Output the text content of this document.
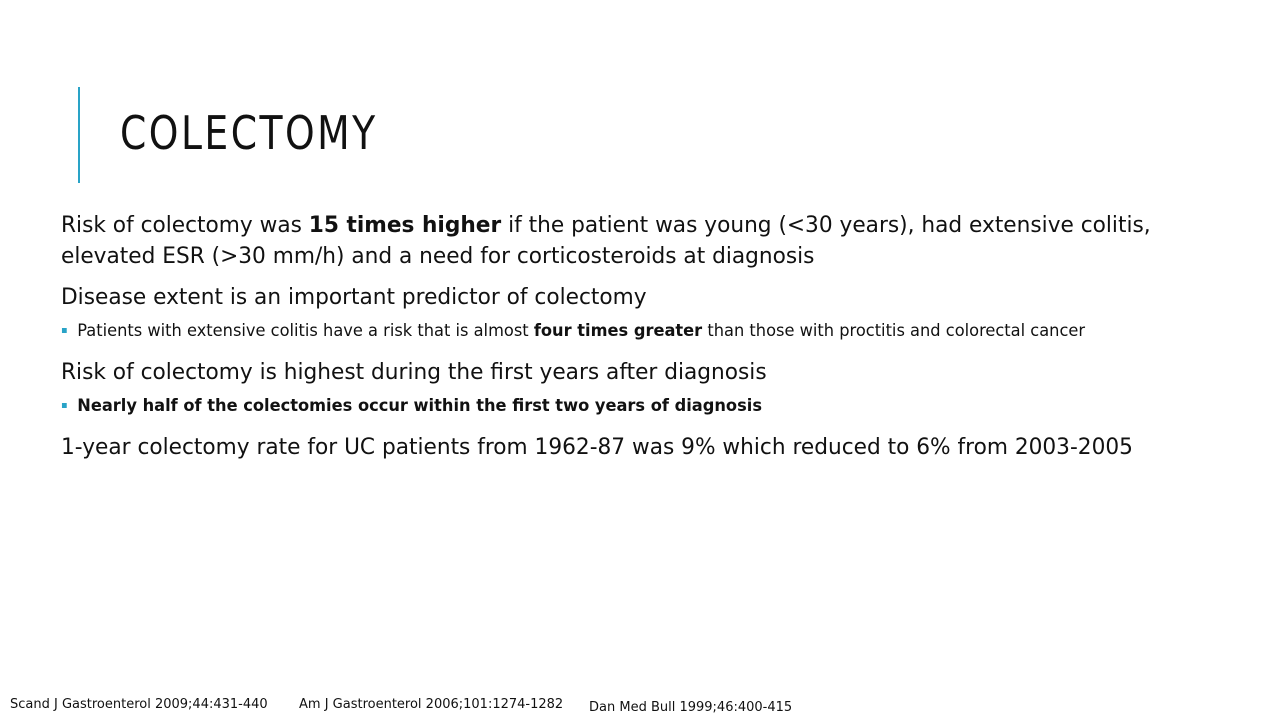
COLECTOMY

Risk of colectomy was 15 times higher if the patient was young (<30 years), had extensive colitis, elevated ESR (>30 mm/h) and a need for corticosteroids at diagnosis

Disease extent is an important predictor of colectomy

Patients with extensive colitis have a risk that is almost four times greater than those with proctitis and colorectal cancer

Risk of colectomy is highest during the first years after diagnosis

Nearly half of the colectomies occur within the first two years of diagnosis

1-year colectomy rate for UC patients from 1962-87 was 9% which reduced to 6% from 2003-2005

Scand J Gastroenterol 2009;44:431-440 Am J Gastroenterol 2006;101:1274-1282 Dan Med Bull 1999;46:400-415
